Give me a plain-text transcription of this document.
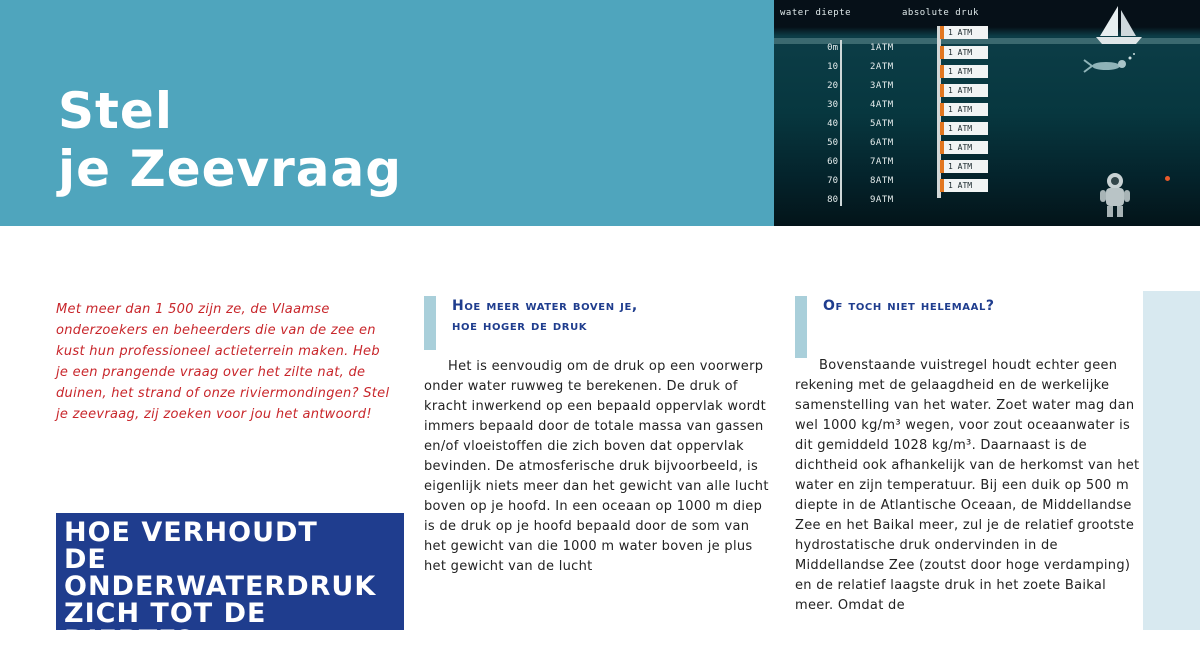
Stel
je Zeevraag
water diepte	absolute druk
0m
10
20
30
40
50
60
70
80
1ATM
2ATM
3ATM
4ATM
5ATM
6ATM
7ATM
8ATM
9ATM
1 ATM
1 ATM
1 ATM
1 ATM
1 ATM
1 ATM
1 ATM
1 ATM
1 ATM
Met meer dan 1 500 zijn ze, de Vlaamse onderzoekers en beheerders die van de zee en kust hun professioneel actieterrein maken. Heb je een prangende vraag over het zilte nat, de duinen, het strand of onze riviermondingen? Stel je zeevraag, zij zoeken voor jou het antwoord!
HOE VERHOUDT
DE
ONDERWATERDRUK
ZICH TOT DE DIEPTE?
Hoe meer water boven je,
hoe hoger de druk

Het is eenvoudig om de druk op een voorwerp onder water ruwweg te berekenen. De druk of kracht inwerkend op een bepaald oppervlak wordt immers bepaald door de totale massa van gassen en/of vloeistoffen die zich boven dat oppervlak bevinden. De atmosferische druk bijvoorbeeld, is eigenlijk niets meer dan het gewicht van alle lucht boven op je hoofd. In een oceaan op 1000 m diep is de druk op je hoofd bepaald door de som van het gewicht van die 1000 m water boven je plus het gewicht van de lucht

Of toch niet helemaal?

Bovenstaande vuistregel houdt echter geen rekening met de gelaagdheid en de werkelijke samenstelling van het water. Zoet water mag dan wel 1000 kg/m³ wegen, voor zout oceaanwater is dit gemiddeld 1028 kg/m³. Daarnaast is de dichtheid ook afhankelijk van de herkomst van het water en zijn temperatuur. Bij een duik op 500 m diepte in de Atlantische Oceaan, de Middellandse Zee en het Baikal meer, zul je de relatief grootste hydrostatische druk ondervinden in de Middellandse Zee (zoutst door hoge verdamping) en de relatief laagste druk in het zoete Baikal meer. Omdat de
